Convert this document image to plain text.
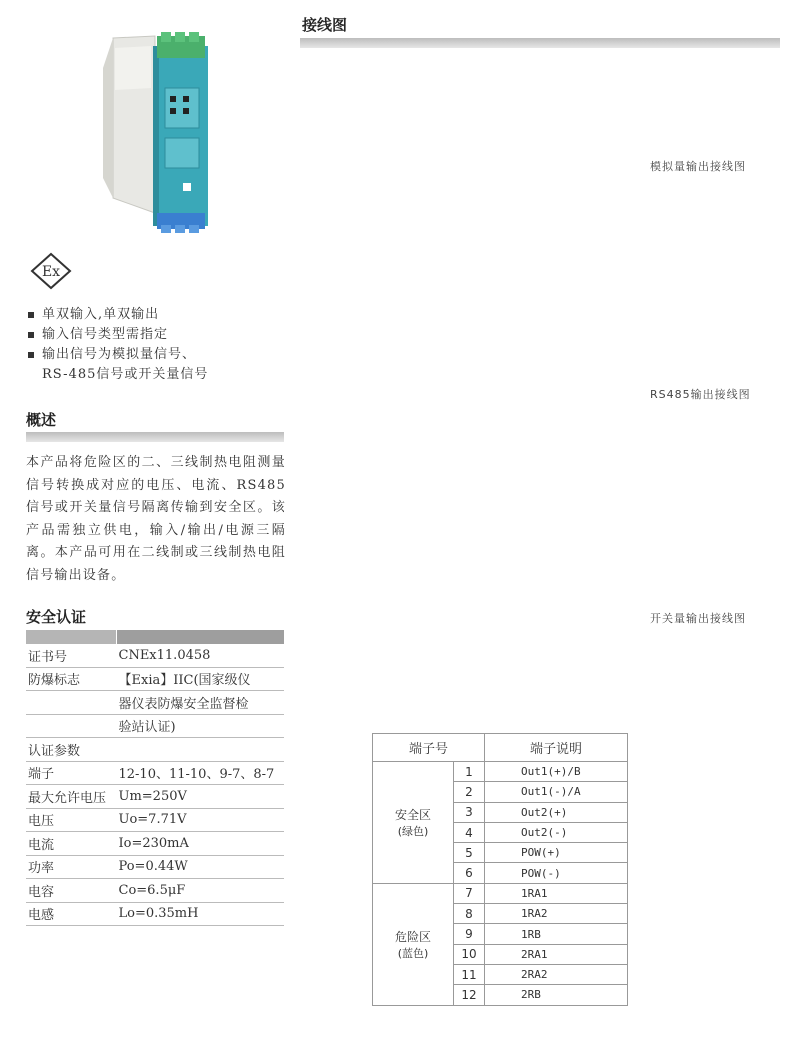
Ex
单双输入,单双输出
输入信号类型需指定
输出信号为模拟量信号、
RS-485信号或开关量信号
概述
本产品将危险区的二、三线制热电阻测量信号转换成对应的电压、电流、RS485信号或开关量信号隔离传输到安全区。该产品需独立供电，输入/输出/电源三隔离。本产品可用在二线制或三线制热电阻信号输出设备。
安全认证

证书号	CNEx11.0458
防爆标志	【Exia】IIC(国家级仪
	器仪表防爆安全监督检
	验站认证)
认证参数	
端子	12-10、11-10、9-7、8-7
最大允许电压	Um=250V
电压	Uo=7.71V
电流	Io=230mA
功率	Po=0.44W
电容	Co=6.5μF
电感	Lo=0.35mH
接线图
模拟量输出接线图
RS485输出接线图
开关量输出接线图
端子号		端子说明

安全区
(绿色)	1	Out1(+)/B
	2	Out1(-)/A
	3	Out2(+)
	4	Out2(-)
	5	POW(+)
	6	POW(-)

危险区
(蓝色)	7	1RA1
	8	1RA2
	9	1RB
	10	2RA1
	11	2RA2
	12	2RB
